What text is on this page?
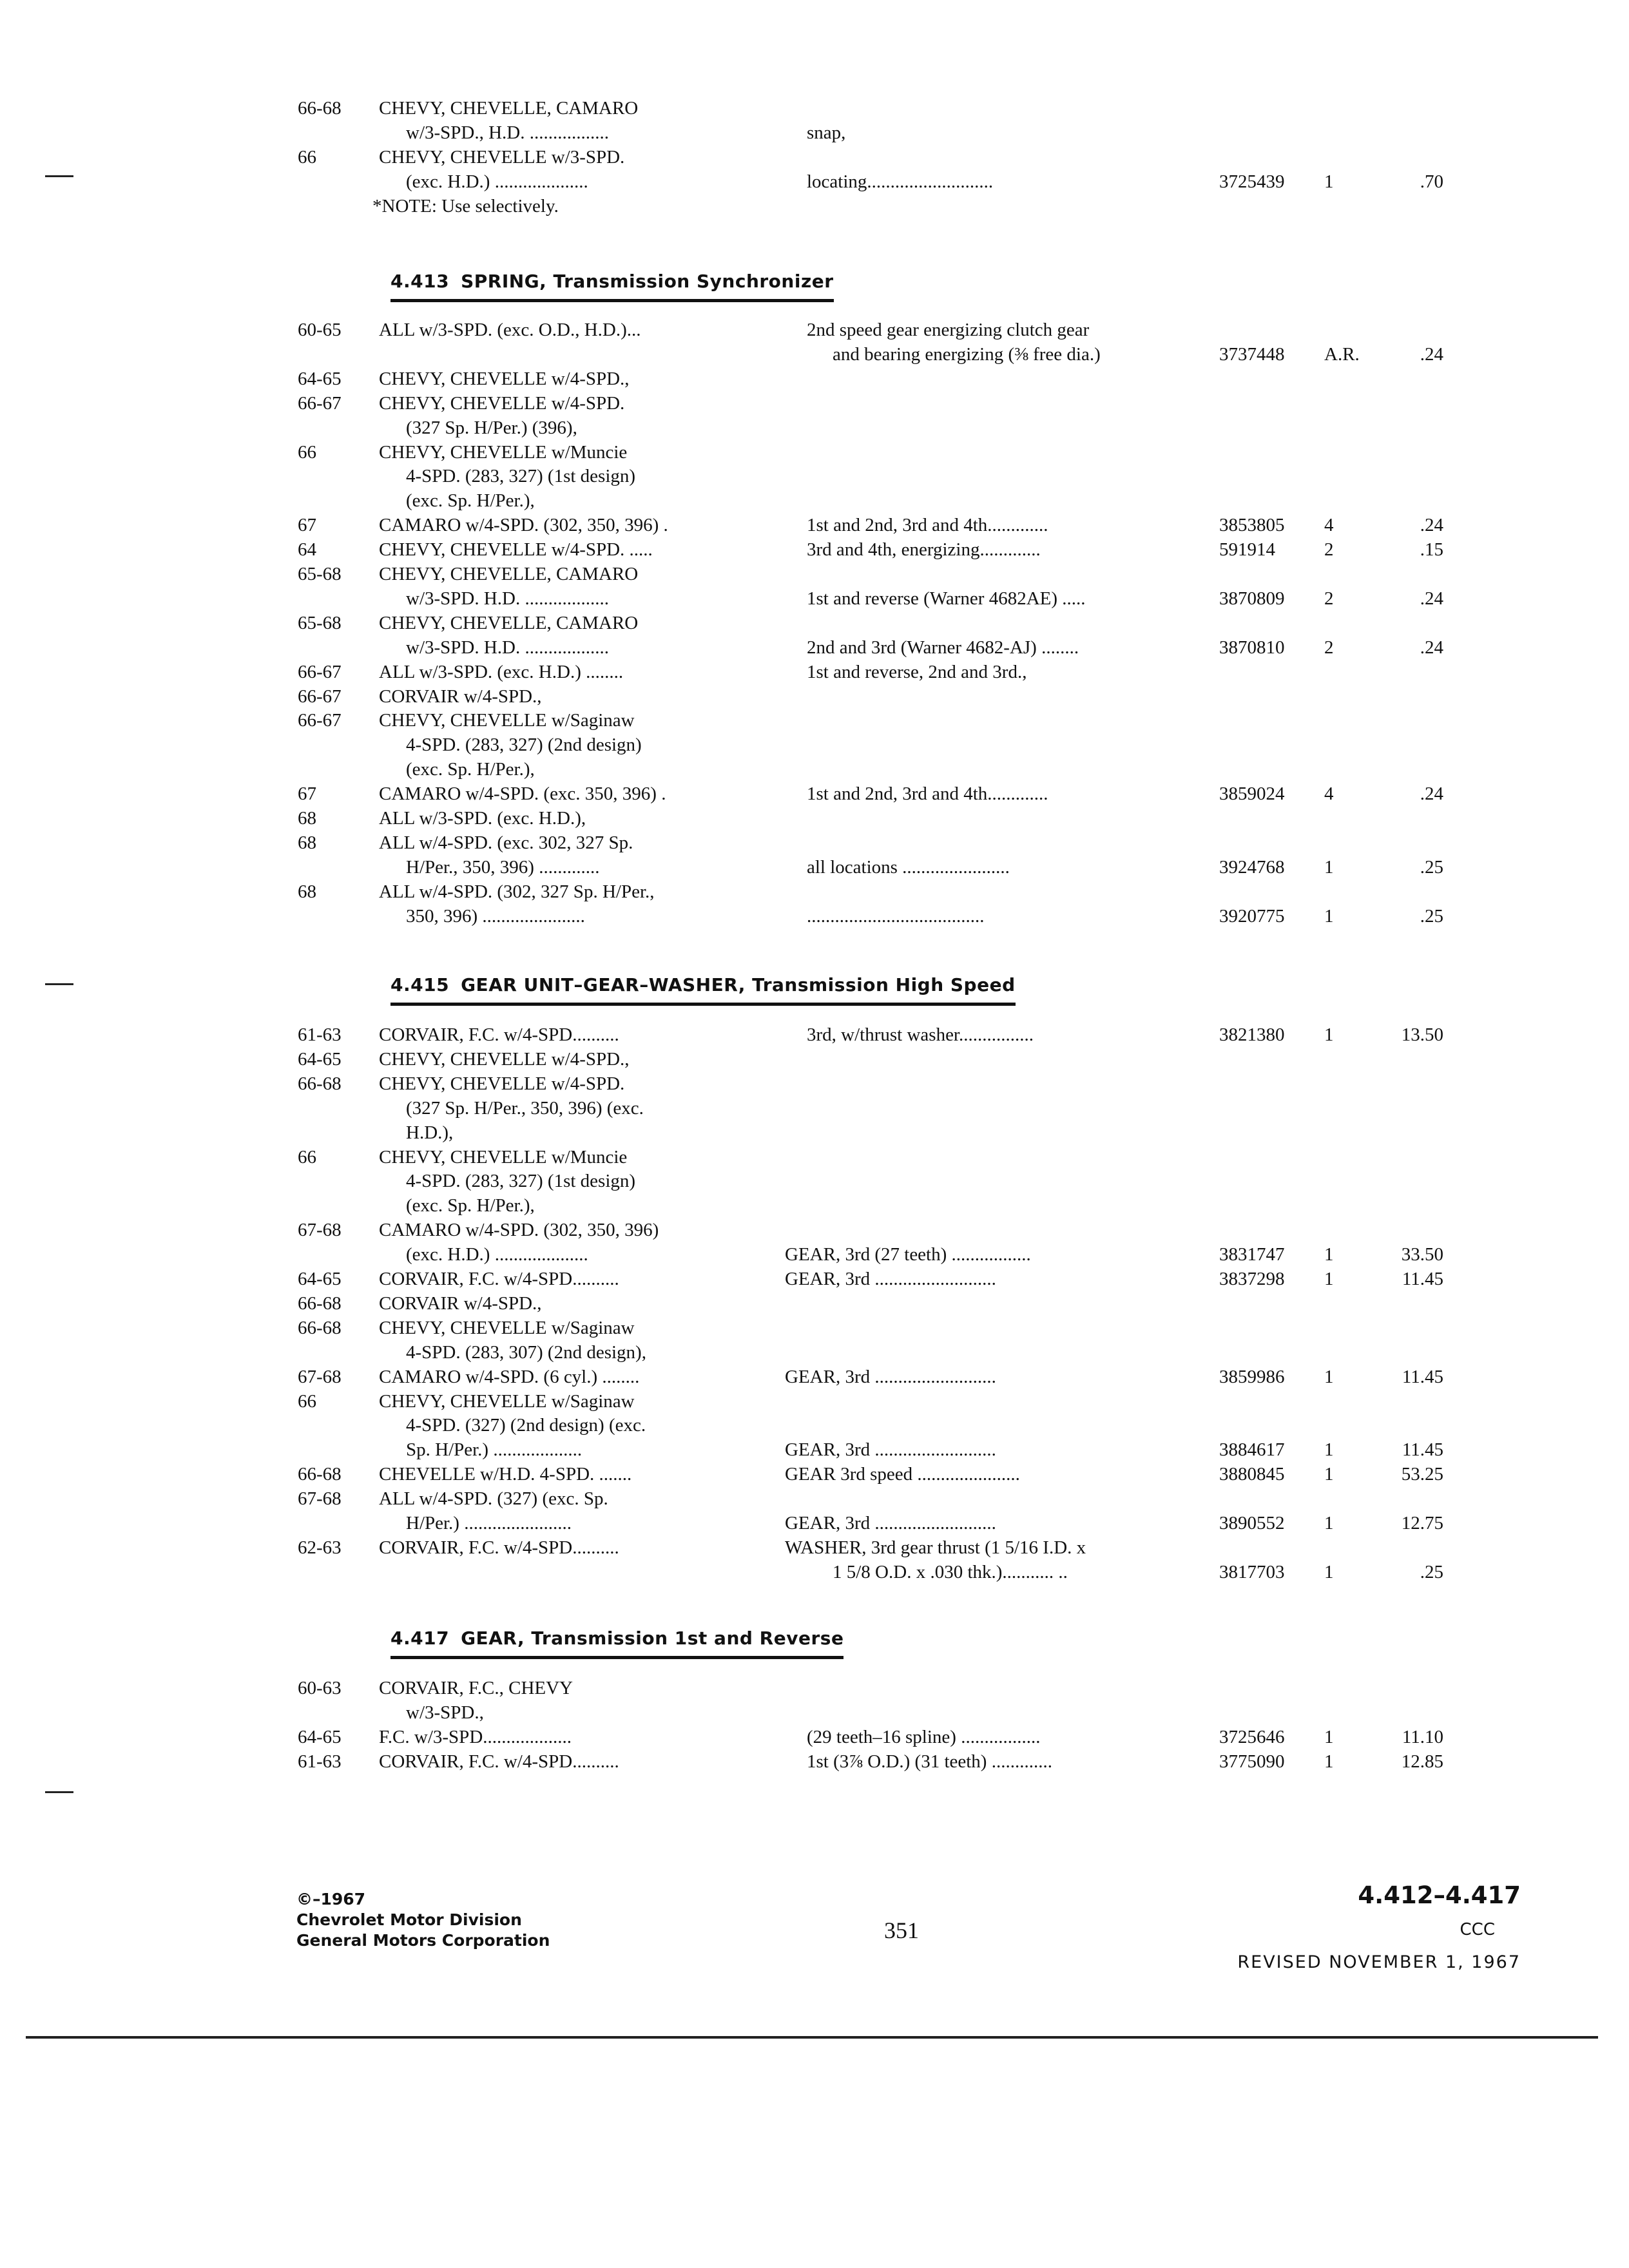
66-68 CHEVY, CHEVELLE, CAMARO
w/3-SPD., H.D. .................	snap,
66	CHEVY, CHEVELLE w/3-SPD.
(exc. H.D.) ....................	locating...........................	3725439 1	.70
*NOTE: Use selectively.
4.413 SPRING, Transmission Synchronizer
60-65 ALL w/3-SPD. (exc. O.D., H.D.)...	2nd speed gear energizing clutch gear
and bearing energizing (⅜ free dia.)	3737448 A.R.	.24
64-65 CHEVY, CHEVELLE w/4-SPD.,
66-67 CHEVY, CHEVELLE w/4-SPD.
(327 Sp. H/Per.) (396),
66	CHEVY, CHEVELLE w/Muncie
4-SPD. (283, 327) (1st design)
(exc. Sp. H/Per.),
67	CAMARO w/4-SPD. (302, 350, 396) .	1st and 2nd, 3rd and 4th.............	3853805 4	.24
64	CHEVY, CHEVELLE w/4-SPD. .....	3rd and 4th, energizing.............	591914	2	.15
65-68 CHEVY, CHEVELLE, CAMARO
w/3-SPD. H.D. ..................	1st and reverse (Warner 4682AE) .....	3870809 2	.24
65-68 CHEVY, CHEVELLE, CAMARO
w/3-SPD. H.D. ..................	2nd and 3rd (Warner 4682-AJ) ........	3870810 2	.24
66-67 ALL w/3-SPD. (exc. H.D.) ........	1st and reverse, 2nd and 3rd.,
66-67 CORVAIR w/4-SPD.,
66-67 CHEVY, CHEVELLE w/Saginaw
4-SPD. (283, 327) (2nd design)
(exc. Sp. H/Per.),
67	CAMARO w/4-SPD. (exc. 350, 396) .	1st and 2nd, 3rd and 4th.............	3859024 4	.24
68	ALL w/3-SPD. (exc. H.D.),
68	ALL w/4-SPD. (exc. 302, 327 Sp.
H/Per., 350, 396) .............	all locations .......................	3924768 1	.25
68	ALL w/4-SPD. (302, 327 Sp. H/Per.,
350, 396) ......................	......................................	3920775 1	.25
4.415 GEAR UNIT–GEAR–WASHER, Transmission High Speed
61-63 CORVAIR, F.C. w/4-SPD..........	3rd, w/thrust washer................	3821380 1	13.50
64-65 CHEVY, CHEVELLE w/4-SPD.,
66-68 CHEVY, CHEVELLE w/4-SPD.
(327 Sp. H/Per., 350, 396) (exc.
H.D.),
66	CHEVY, CHEVELLE w/Muncie
4-SPD. (283, 327) (1st design)
(exc. Sp. H/Per.),
67-68 CAMARO w/4-SPD. (302, 350, 396)
(exc. H.D.) ....................	GEAR, 3rd (27 teeth) .................	3831747 1	33.50
64-65 CORVAIR, F.C. w/4-SPD..........	GEAR, 3rd ..........................	3837298 1	11.45
66-68 CORVAIR w/4-SPD.,
66-68 CHEVY, CHEVELLE w/Saginaw
4-SPD. (283, 307) (2nd design),
67-68 CAMARO w/4-SPD. (6 cyl.) ........	GEAR, 3rd ..........................	3859986 1	11.45
66	CHEVY, CHEVELLE w/Saginaw
4-SPD. (327) (2nd design) (exc.
Sp. H/Per.) ...................	GEAR, 3rd ..........................	3884617 1	11.45
66-68 CHEVELLE w/H.D. 4-SPD. .......	GEAR 3rd speed ......................	3880845 1	53.25
67-68 ALL w/4-SPD. (327) (exc. Sp.
H/Per.) .......................	GEAR, 3rd ..........................	3890552 1	12.75
62-63 CORVAIR, F.C. w/4-SPD..........	WASHER, 3rd gear thrust (1 5/16 I.D. x
1 5/8 O.D. x .030 thk.)........... ..	3817703 1	.25
4.417 GEAR, Transmission 1st and Reverse
60-63 CORVAIR, F.C., CHEVY
w/3-SPD.,
64-65 F.C. w/3-SPD...................	(29 teeth–16 spline) .................	3725646 1	11.10
61-63 CORVAIR, F.C. w/4-SPD..........	1st (3⅞ O.D.) (31 teeth) .............	3775090 1	12.85
©–1967
Chevrolet Motor Division
General Motors Corporation	351
4.412–4.417
CCC
REVISED NOVEMBER 1, 1967
